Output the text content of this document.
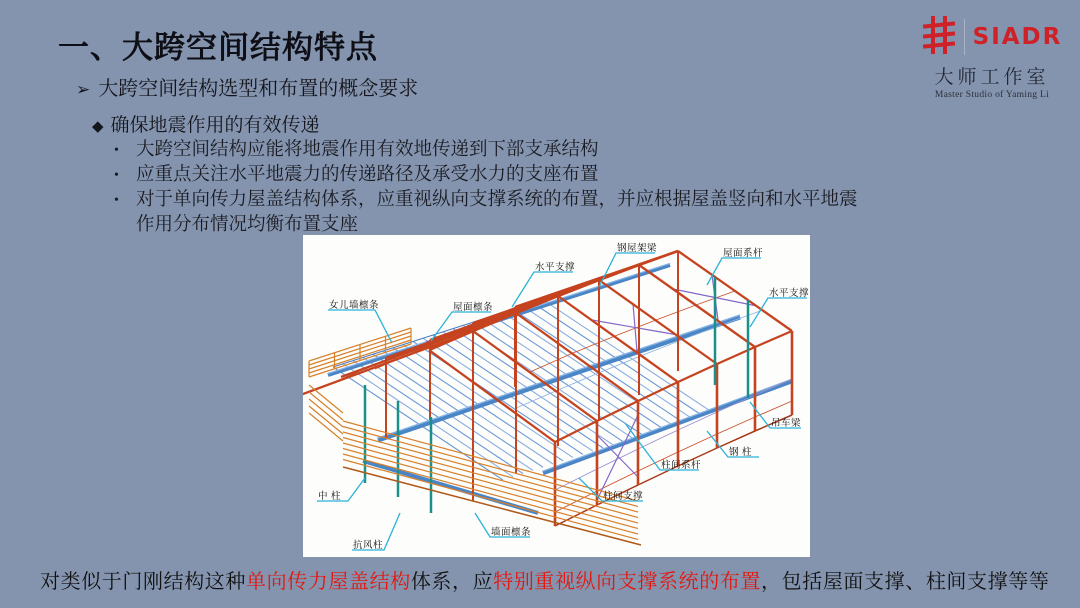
一、大跨空间结构特点
➢ 大跨空间结构选型和布置的概念要求
◆ 确保地震作用的有效传递
• 大跨空间结构应能将地震作用有效地传递到下部支承结构
• 应重点关注水平地震力的传递路径及承受水力的支座布置
• 对于单向传力屋盖结构体系，应重视纵向支撑系统的布置，并应根据屋盖竖向和水平地震作用分布情况均衡布置支座
SIADR
大师工作室
Master Studio of Yaming Li
钢屋架梁	屋面系杆
水平支撑
水平支撑
女儿墙檩条	屋面檩条
吊车梁
钢 柱
柱间系杆
柱间支撑
中 柱
抗风柱
墙面檩条
对类似于门刚结构这种单向传力屋盖结构体系，应特别重视纵向支撑系统的布置，包括屋面支撑、柱间支撑等等
